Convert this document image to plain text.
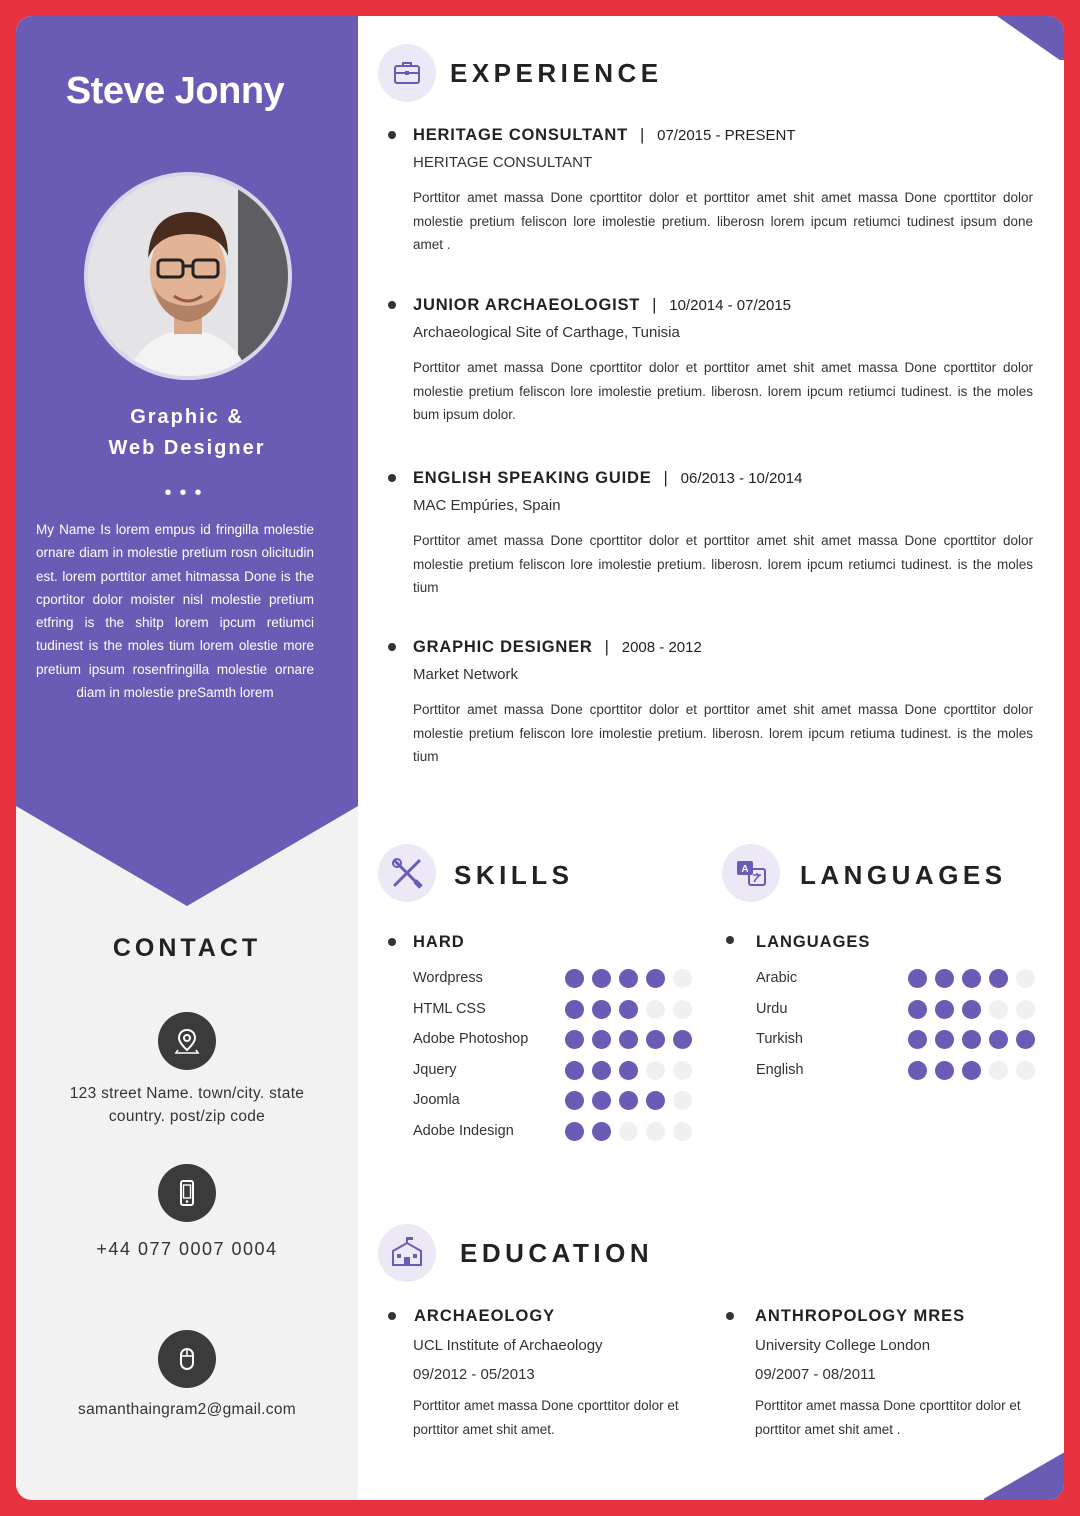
Steve Jonny
Graphic &
Web Designer
•••
My Name Is lorem empus id fringilla molestie ornare diam in molestie pretium rosn olicitudin est. lorem porttitor amet hitmassa Done is the cportitor dolor moister nisl molestie pretium etfring is the shitp lorem ipcum retiumci tudinest is the moles tium lorem olestie more pretium ipsum rosenfringilla molestie ornare diam in molestie preSamth lorem
CONTACT
123 street Name. town/city. state
country. post/zip code
+44 077 0007 0004
samanthaingram2@gmail.com
EXPERIENCE
HERITAGE CONSULTANT | 07/2015 - PRESENT
HERITAGE CONSULTANT
Porttitor amet massa Done cporttitor dolor et porttitor amet shit amet massa Done cporttitor dolor molestie pretium feliscon lore imolestie pretium. liberosn lorem ipcum retiumci tudinest ipsum done amet .
JUNIOR ARCHAEOLOGIST | 10/2014 - 07/2015
Archaeological Site of Carthage, Tunisia
Porttitor amet massa Done cporttitor dolor et porttitor amet shit amet massa Done cporttitor dolor molestie pretium feliscon lore imolestie pretium. liberosn. lorem ipcum retiumci tudinest. is the moles bum ipsum dolor.
ENGLISH SPEAKING GUIDE | 06/2013 - 10/2014
MAC Empúries, Spain
Porttitor amet massa Done cporttitor dolor et porttitor amet shit amet massa Done cporttitor dolor molestie pretium feliscon lore imolestie pretium. liberosn. lorem ipcum retiumci tudinest. is the moles tium
GRAPHIC DESIGNER | 2008 - 2012
Market Network
Porttitor amet massa Done cporttitor dolor et porttitor amet shit amet massa Done cporttitor dolor molestie pretium feliscon lore imolestie pretium. liberosn. lorem ipcum retiuma tudinest. is the moles tium
SKILLS
HARD
Wordpress
HTML CSS
Adobe Photoshop
Jquery
Joomla
Adobe Indesign
A LANGUAGES
LANGUAGES
Arabic
Urdu
Turkish
English
EDUCATION
ARCHAEOLOGY
UCL Institute of Archaeology
09/2012 - 05/2013
Porttitor amet massa Done cporttitor dolor et porttitor amet shit amet.
ANTHROPOLOGY MRES
University College London
09/2007 - 08/2011
Porttitor amet massa Done cporttitor dolor et porttitor amet shit amet .
